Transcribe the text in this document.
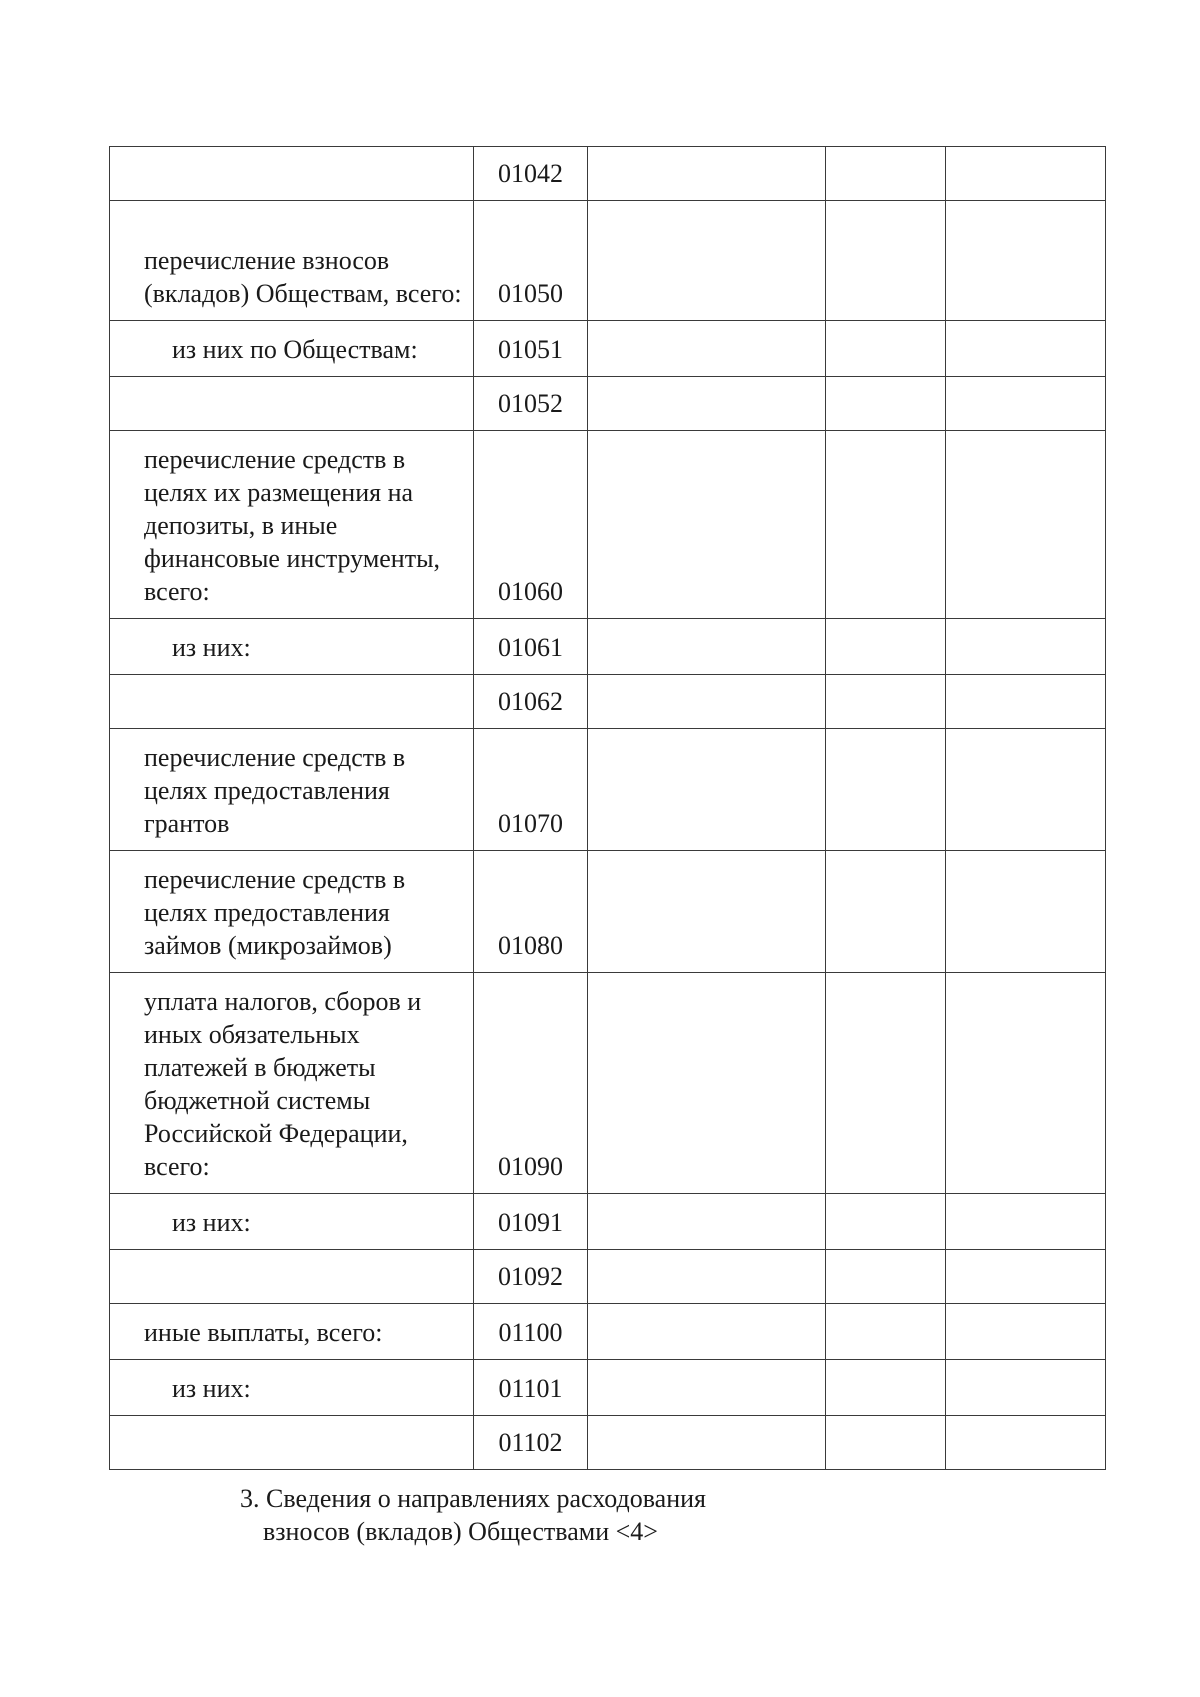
	01042			
перечисление взносов (вкладов) Обществам, всего:	01050			
из них по Обществам:	01051			
	01052			
перечисление средств в целях их размещения на депозиты, в иные финансовые инструменты, всего:	01060			
из них:	01061			
	01062			
перечисление средств в целях предоставления грантов	01070			
перечисление средств в целях предоставления займов (микрозаймов)	01080			
уплата налогов, сборов и иных обязательных платежей в бюджеты бюджетной системы Российской Федерации, всего:	01090			
из них:	01091			
	01092			
иные выплаты, всего:	01100			
из них:	01101			
	01102			
3. Сведения о направлениях расходования
взносов (вкладов) Обществами <4>
